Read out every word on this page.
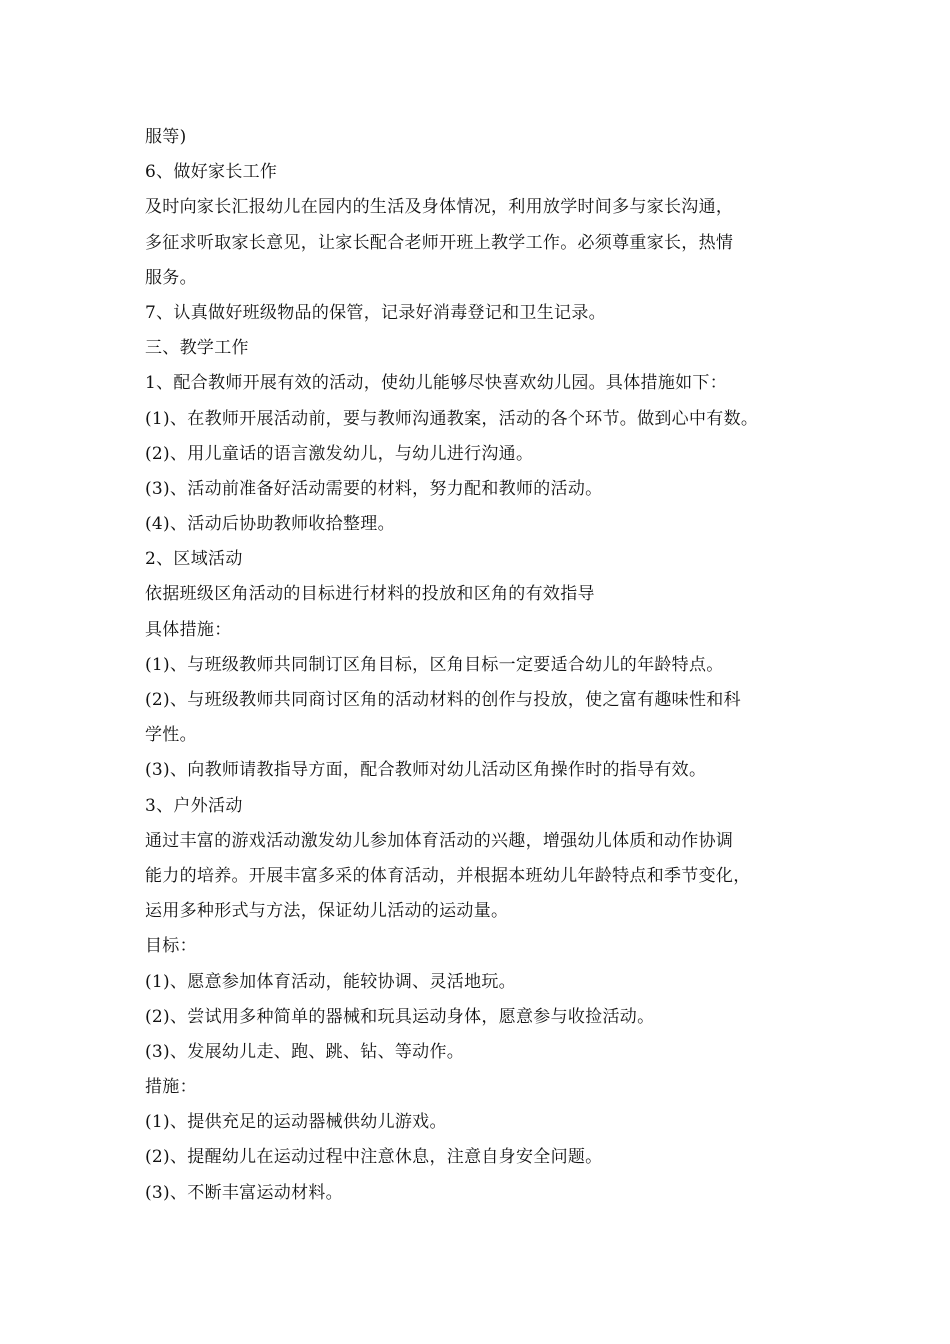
服等)
6、做好家长工作
及时向家长汇报幼儿在园内的生活及身体情况，利用放学时间多与家长沟通，
多征求听取家长意见，让家长配合老师开班上教学工作。必须尊重家长，热情
服务。
7、认真做好班级物品的保管，记录好消毒登记和卫生记录。
三、教学工作
1、配合教师开展有效的活动，使幼儿能够尽快喜欢幼儿园。具体措施如下：
(1)、在教师开展活动前，要与教师沟通教案，活动的各个环节。做到心中有数。
(2)、用儿童话的语言激发幼儿，与幼儿进行沟通。
(3)、活动前准备好活动需要的材料，努力配和教师的活动。
(4)、活动后协助教师收拾整理。
2、区域活动
依据班级区角活动的目标进行材料的投放和区角的有效指导
具体措施：
(1)、与班级教师共同制订区角目标，区角目标一定要适合幼儿的年龄特点。
(2)、与班级教师共同商讨区角的活动材料的创作与投放，使之富有趣味性和科
学性。
(3)、向教师请教指导方面，配合教师对幼儿活动区角操作时的指导有效。
3、户外活动
通过丰富的游戏活动激发幼儿参加体育活动的兴趣，增强幼儿体质和动作协调
能力的培养。开展丰富多采的体育活动，并根据本班幼儿年龄特点和季节变化，
运用多种形式与方法，保证幼儿活动的运动量。
目标：
(1)、愿意参加体育活动，能较协调、灵活地玩。
(2)、尝试用多种简单的器械和玩具运动身体，愿意参与收捡活动。
(3)、发展幼儿走、跑、跳、钻、等动作。
措施：
(1)、提供充足的运动器械供幼儿游戏。
(2)、提醒幼儿在运动过程中注意休息，注意自身安全问题。
(3)、不断丰富运动材料。
